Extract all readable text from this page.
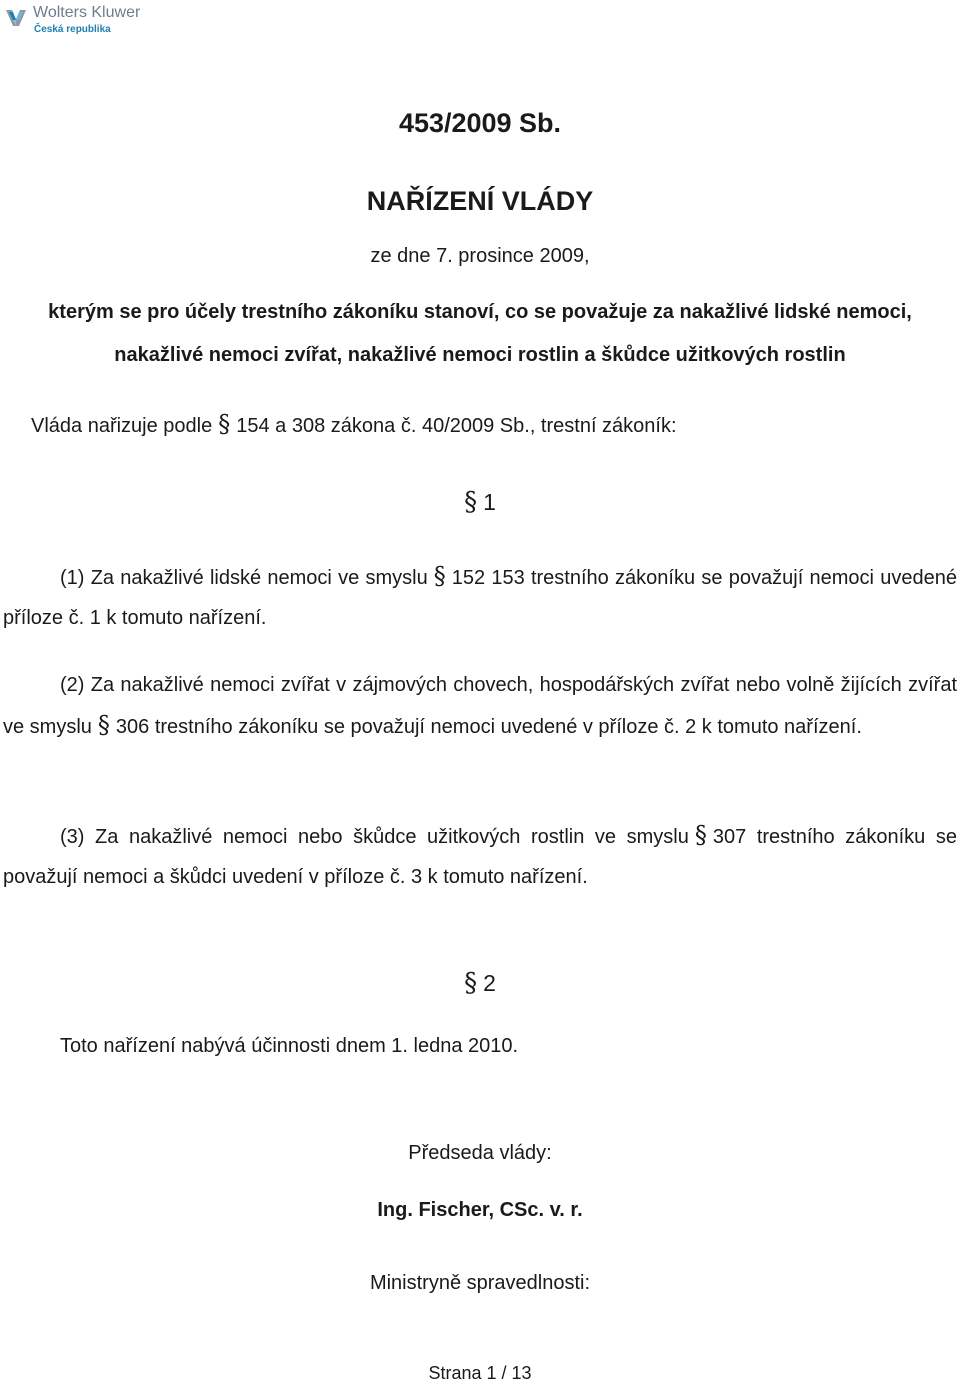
Wolters Kluwer
Česká republika
453/2009 Sb.
NAŘÍZENÍ VLÁDY
ze dne 7. prosince 2009,
kterým se pro účely trestního zákoníku stanoví, co se považuje za nakažlivé lidské nemoci,
nakažlivé nemoci zvířat, nakažlivé nemoci rostlin a škůdce užitkových rostlin
Vláda nařizuje podle § 154 a 308 zákona č. 40/2009 Sb., trestní zákoník:
§ 1
(1) Za nakažlivé lidské nemoci ve smyslu § 152 153 trestního zákoníku se považují nemoci uvedené příloze č. 1 k tomuto nařízení.
(2) Za nakažlivé nemoci zvířat v zájmových chovech, hospodářských zvířat nebo volně žijících zvířat ve smyslu § 306 trestního zákoníku se považují nemoci uvedené v příloze č. 2 k tomuto nařízení.
(3) Za nakažlivé nemoci nebo škůdce užitkových rostlin ve smyslu § 307 trestního zákoníku se považují nemoci a škůdci uvedení v příloze č. 3 k tomuto nařízení.
§ 2
Toto nařízení nabývá účinnosti dnem 1. ledna 2010.
Předseda vlády:
Ing. Fischer, CSc. v. r.
Ministryně spravedlnosti:
Strana 1 / 13
